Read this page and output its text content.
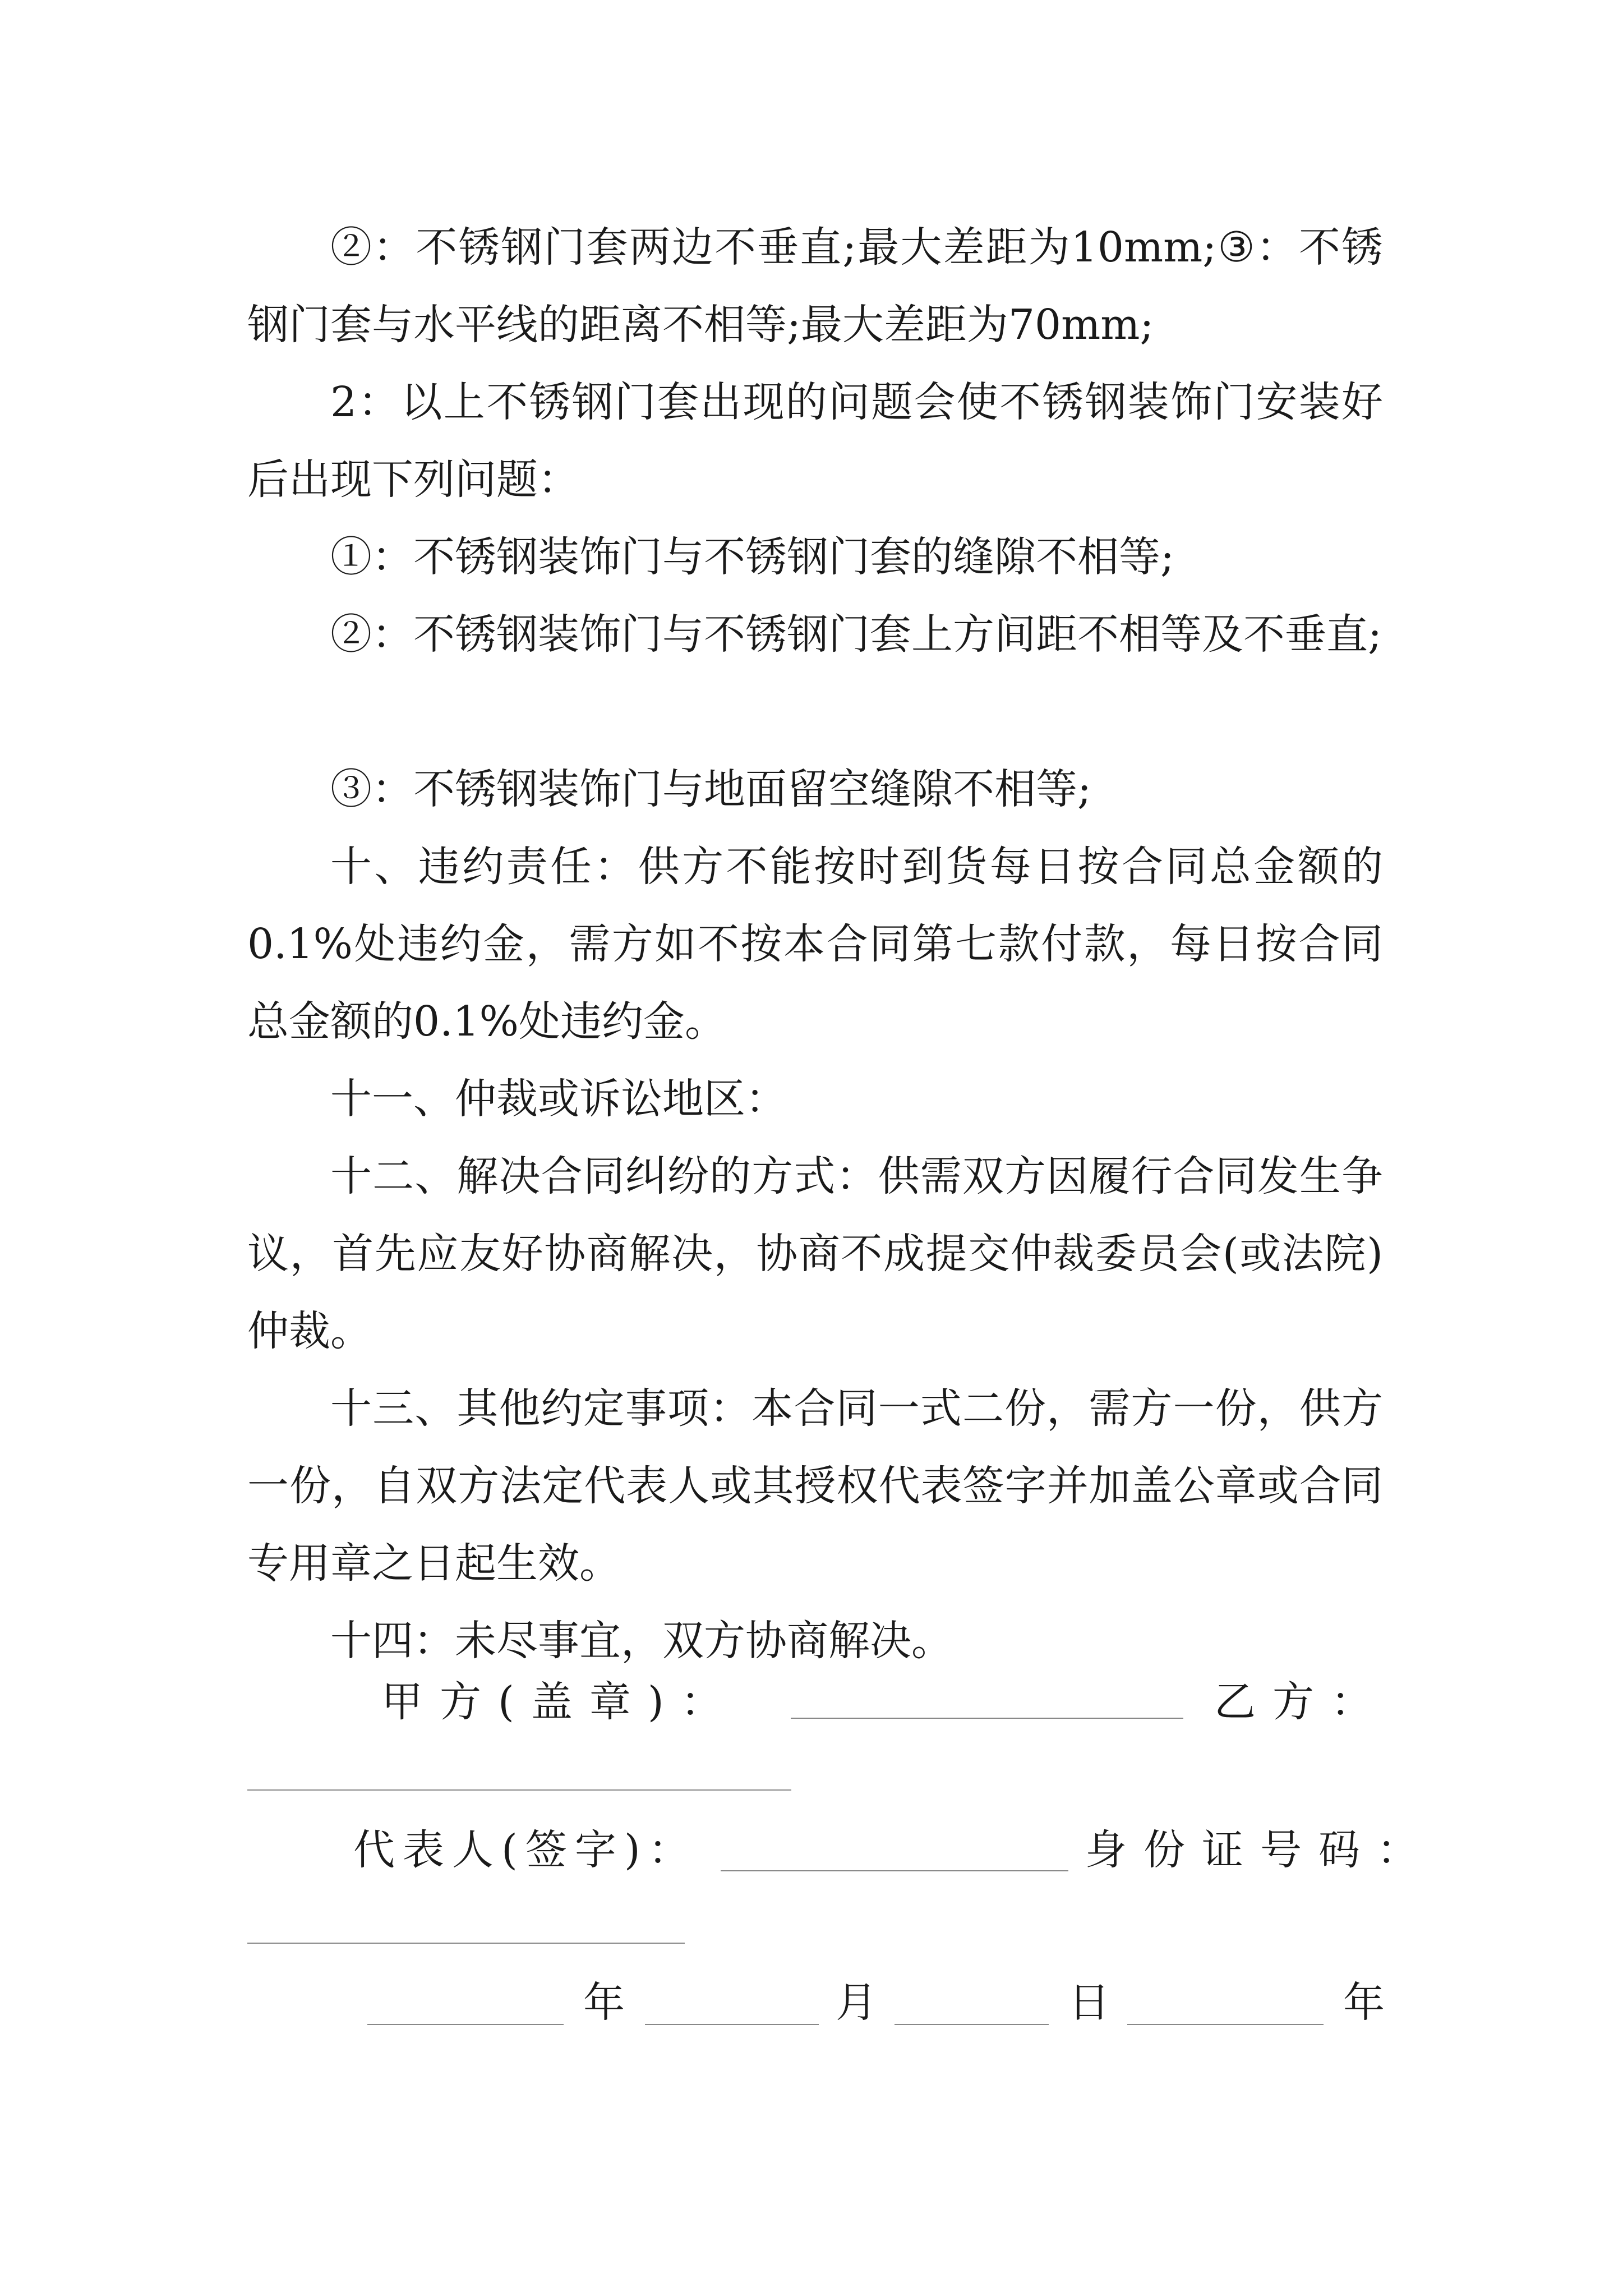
②：不锈钢门套两边不垂直;最大差距为10mm;③：不锈钢门套与水平线的距离不相等;最大差距为70mm;

2：以上不锈钢门套出现的问题会使不锈钢装饰门安装好后出现下列问题：

①：不锈钢装饰门与不锈钢门套的缝隙不相等;

②：不锈钢装饰门与不锈钢门套上方间距不相等及不垂直;

③：不锈钢装饰门与地面留空缝隙不相等;

十、违约责任：供方不能按时到货每日按合同总金额的0.1%处违约金，需方如不按本合同第七款付款，每日按合同总金额的0.1%处违约金。

十一、仲裁或诉讼地区：

十二、解决合同纠纷的方式：供需双方因履行合同发生争议，首先应友好协商解决，协商不成提交仲裁委员会(或法院)仲裁。

十三、其他约定事项：本合同一式二份，需方一份，供方一份，自双方法定代表人或其授权代表签字并加盖公章或合同专用章之日起生效。

十四：未尽事宜，双方协商解决。

甲方(盖章)：	乙方：
代表人(签字)：	身份证号码：
年	月	日	年
